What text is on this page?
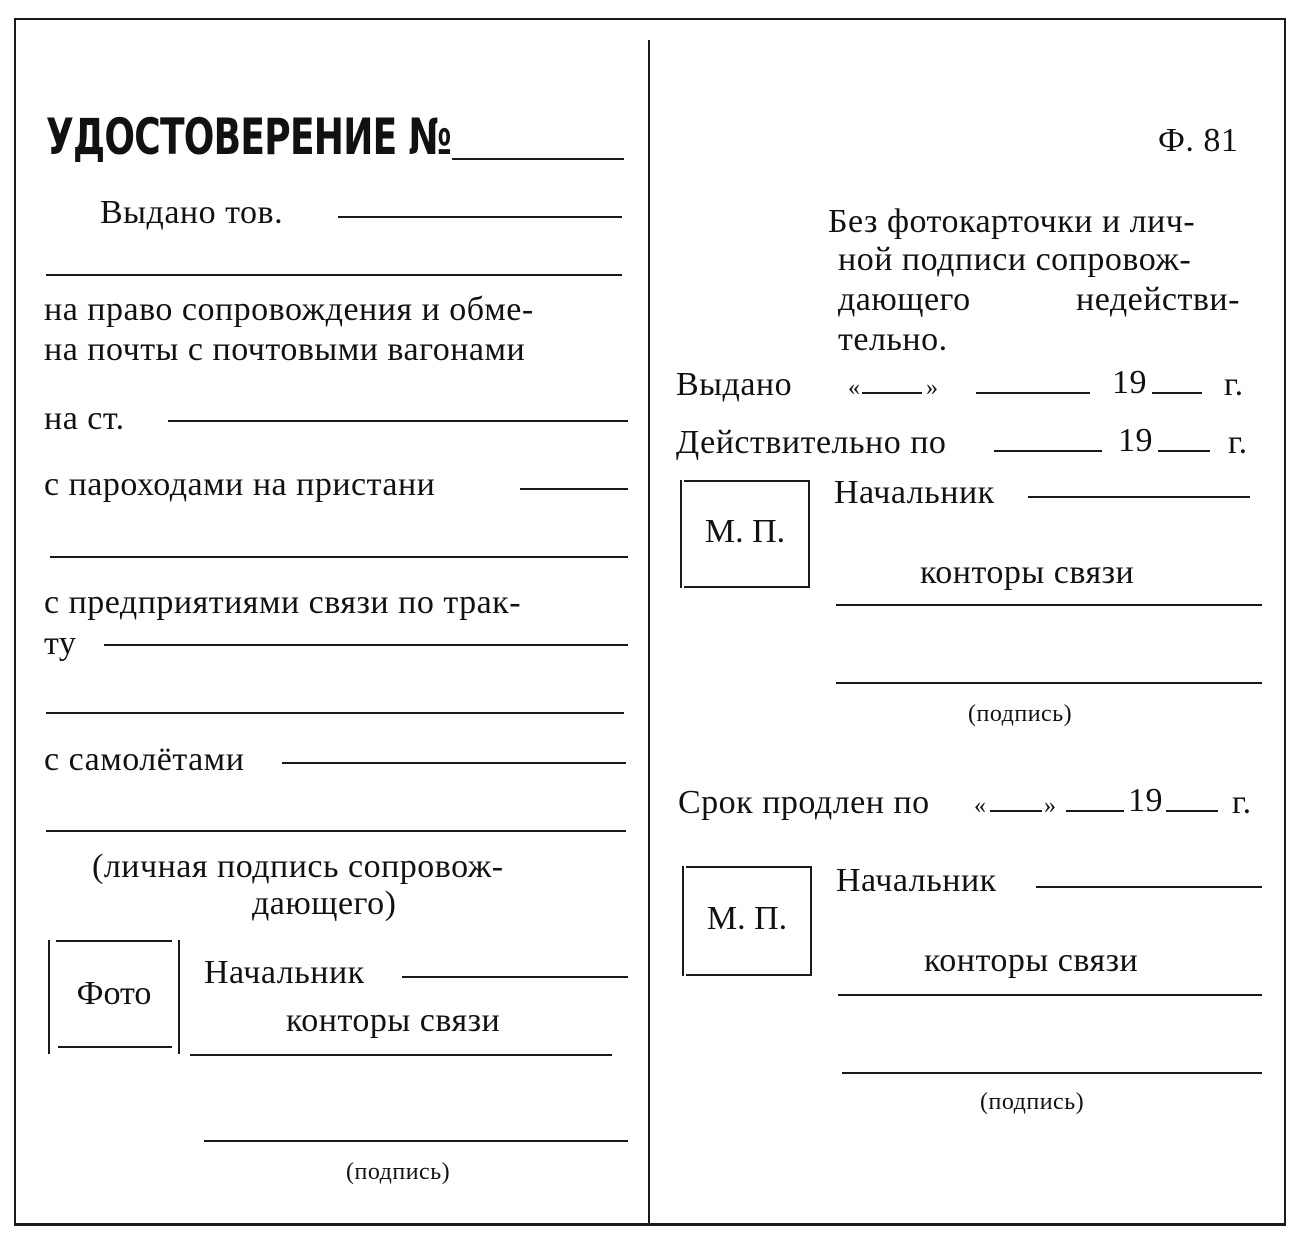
УДОСТОВЕРЕНИЕ №
Выдано тов.
на право сопровождения и обме-
на почты с почтовыми вагонами
на ст.
с пароходами на пристани
с предприятиями связи по трак-
ту
с самолётами
(личная подпись сопровож-
дающего)
Фото
Начальник
конторы связи
(подпись)
Ф. 81
Без фотокарточки и лич-
ной подписи сопровож-
дающего	недействи-
тельно.
Выдано «	»	19 г.
Действительно по	19 г.
М. П.
Начальник
конторы связи
(подпись)
Срок продлен по « » 19 г.
М. П.
Начальник
конторы связи
(подпись)
